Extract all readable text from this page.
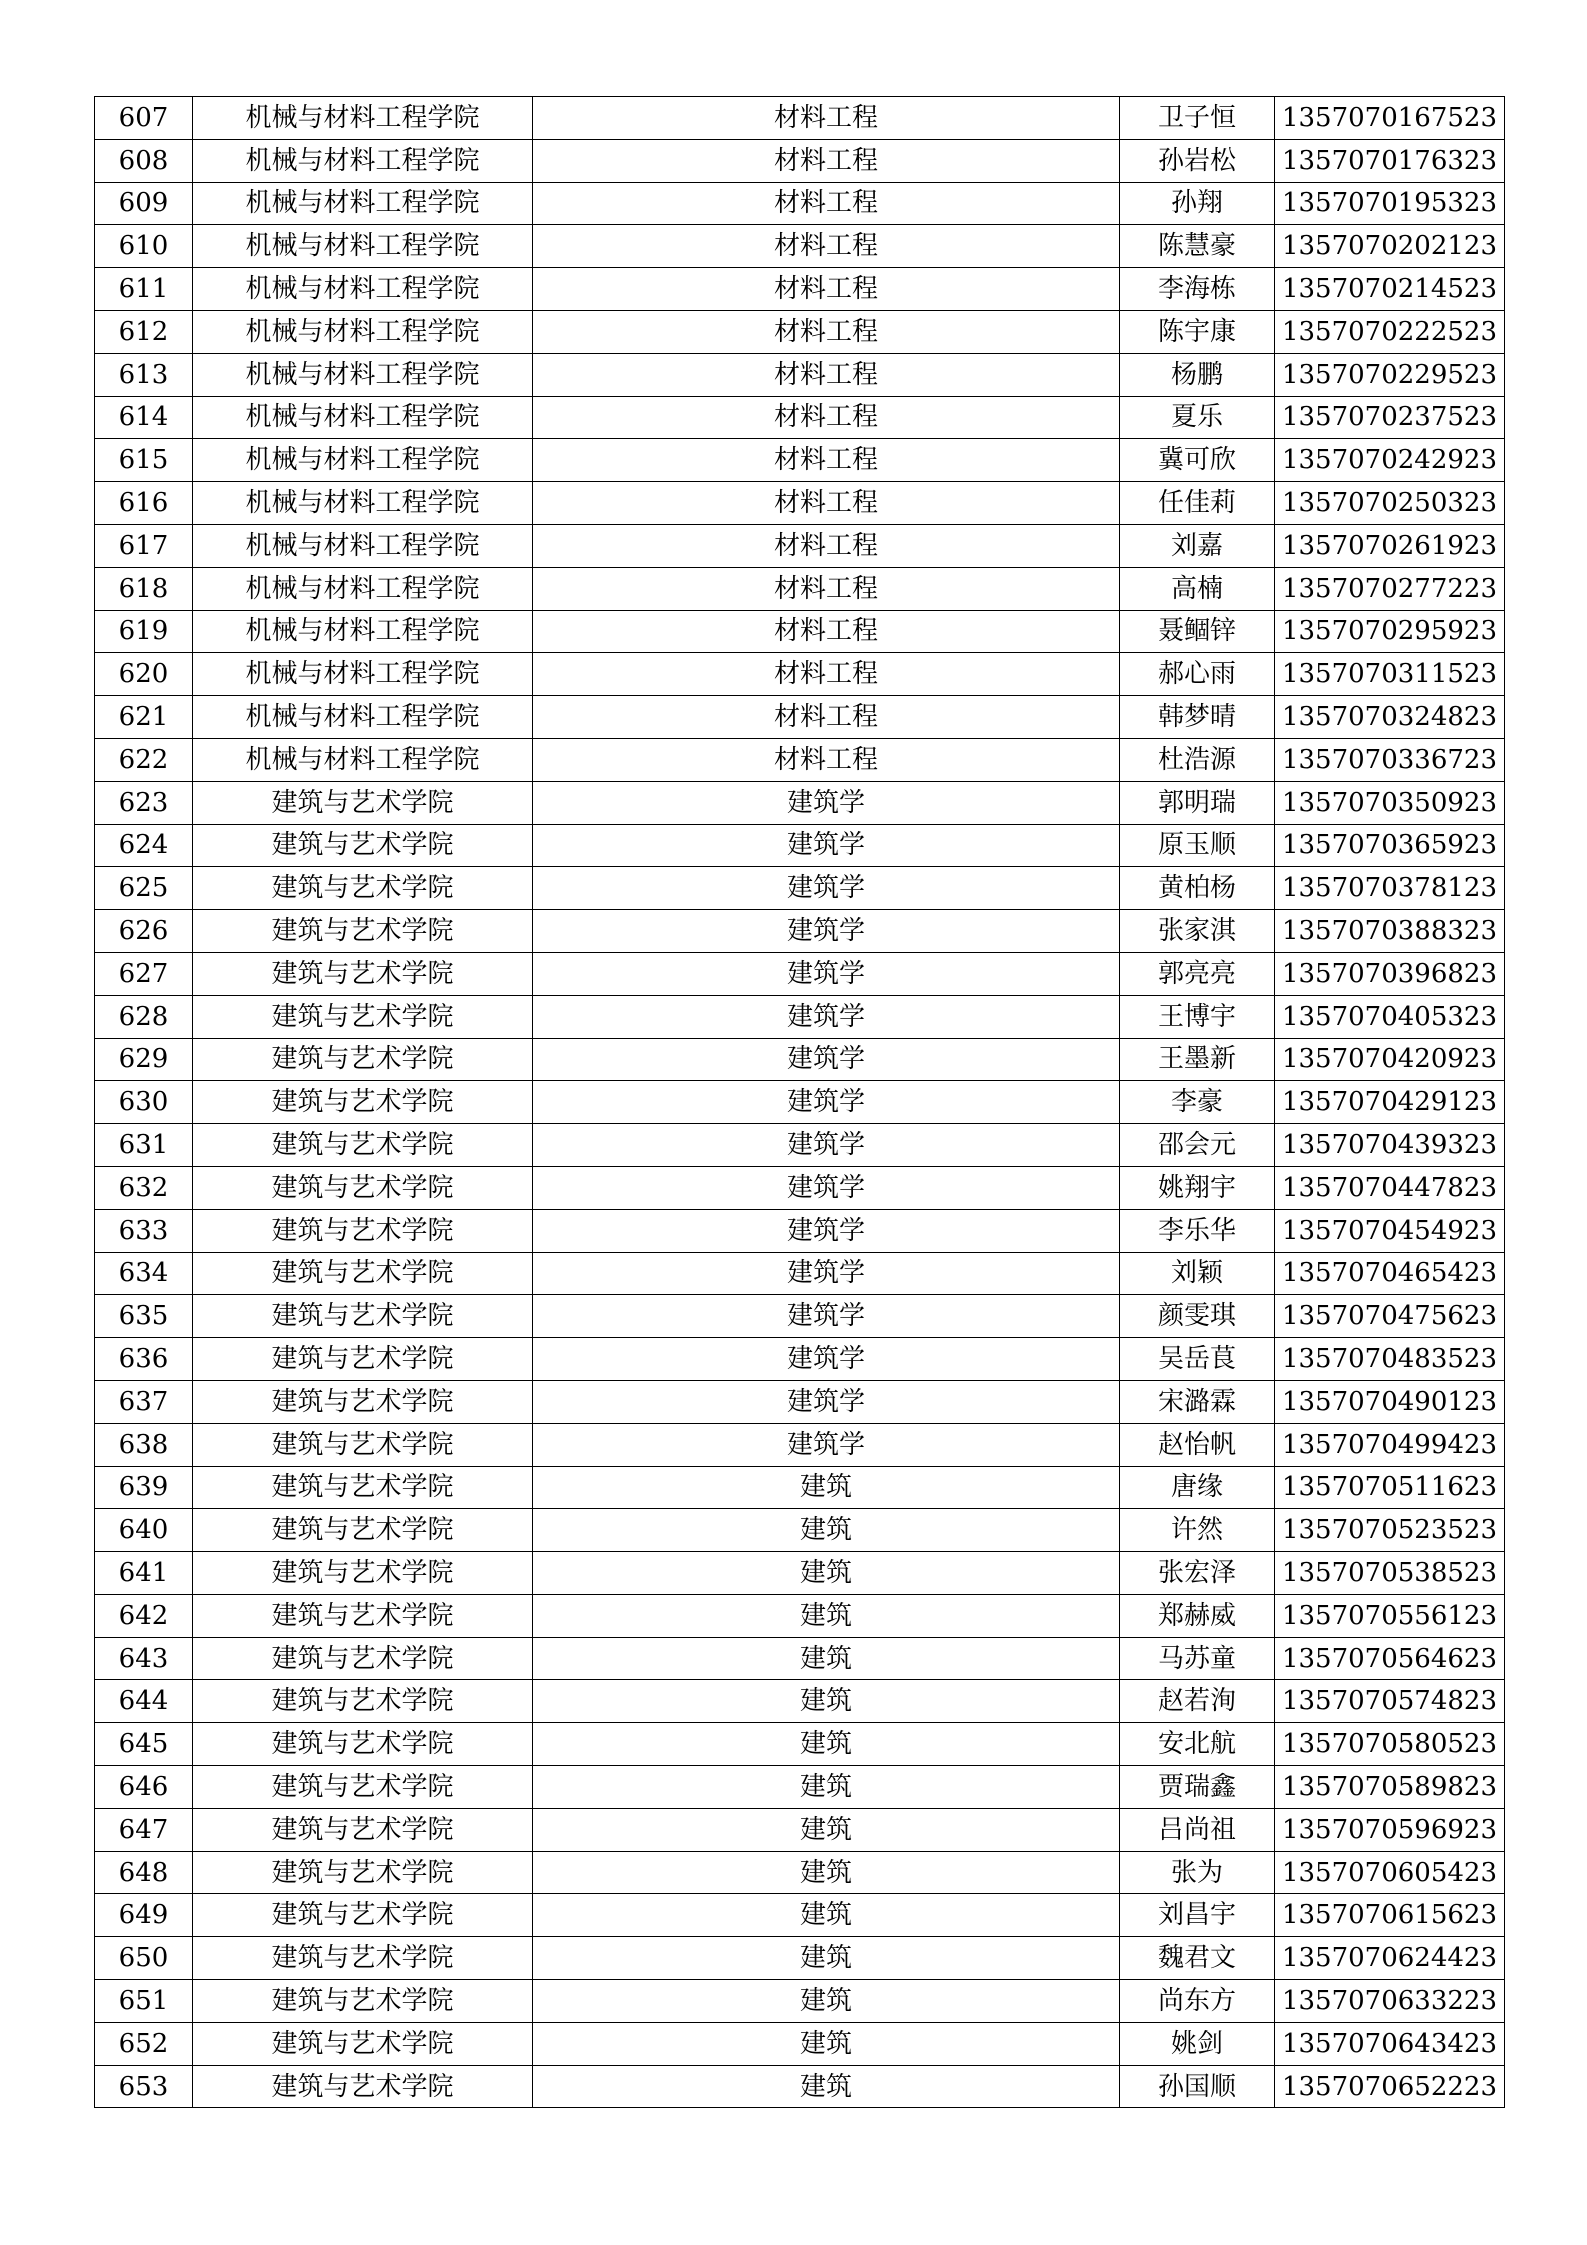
607	机械与材料工程学院	材料工程	卫子恒	1357070167523
608	机械与材料工程学院	材料工程	孙岩松	1357070176323
609	机械与材料工程学院	材料工程	孙翔	1357070195323
610	机械与材料工程学院	材料工程	陈慧豪	1357070202123
611	机械与材料工程学院	材料工程	李海栋	1357070214523
612	机械与材料工程学院	材料工程	陈宇康	1357070222523
613	机械与材料工程学院	材料工程	杨鹏	1357070229523
614	机械与材料工程学院	材料工程	夏乐	1357070237523
615	机械与材料工程学院	材料工程	冀可欣	1357070242923
616	机械与材料工程学院	材料工程	任佳莉	1357070250323
617	机械与材料工程学院	材料工程	刘嘉	1357070261923
618	机械与材料工程学院	材料工程	高楠	1357070277223
619	机械与材料工程学院	材料工程	聂鲴锌	1357070295923
620	机械与材料工程学院	材料工程	郝心雨	1357070311523
621	机械与材料工程学院	材料工程	韩梦晴	1357070324823
622	机械与材料工程学院	材料工程	杜浩源	1357070336723
623	建筑与艺术学院	建筑学	郭明瑞	1357070350923
624	建筑与艺术学院	建筑学	原玉顺	1357070365923
625	建筑与艺术学院	建筑学	黄柏杨	1357070378123
626	建筑与艺术学院	建筑学	张家淇	1357070388323
627	建筑与艺术学院	建筑学	郭亮亮	1357070396823
628	建筑与艺术学院	建筑学	王博宇	1357070405323
629	建筑与艺术学院	建筑学	王墨新	1357070420923
630	建筑与艺术学院	建筑学	李豪	1357070429123
631	建筑与艺术学院	建筑学	邵会元	1357070439323
632	建筑与艺术学院	建筑学	姚翔宇	1357070447823
633	建筑与艺术学院	建筑学	李乐华	1357070454923
634	建筑与艺术学院	建筑学	刘颖	1357070465423
635	建筑与艺术学院	建筑学	颜雯琪	1357070475623
636	建筑与艺术学院	建筑学	吴岳茛	1357070483523
637	建筑与艺术学院	建筑学	宋潞霖	1357070490123
638	建筑与艺术学院	建筑学	赵怡帆	1357070499423
639	建筑与艺术学院	建筑	唐缘	1357070511623
640	建筑与艺术学院	建筑	许然	1357070523523
641	建筑与艺术学院	建筑	张宏泽	1357070538523
642	建筑与艺术学院	建筑	郑赫威	1357070556123
643	建筑与艺术学院	建筑	马苏童	1357070564623
644	建筑与艺术学院	建筑	赵若洵	1357070574823
645	建筑与艺术学院	建筑	安北航	1357070580523
646	建筑与艺术学院	建筑	贾瑞鑫	1357070589823
647	建筑与艺术学院	建筑	吕尚祖	1357070596923
648	建筑与艺术学院	建筑	张为	1357070605423
649	建筑与艺术学院	建筑	刘昌宇	1357070615623
650	建筑与艺术学院	建筑	魏君文	1357070624423
651	建筑与艺术学院	建筑	尚东方	1357070633223
652	建筑与艺术学院	建筑	姚剑	1357070643423
653	建筑与艺术学院	建筑	孙国顺	1357070652223
